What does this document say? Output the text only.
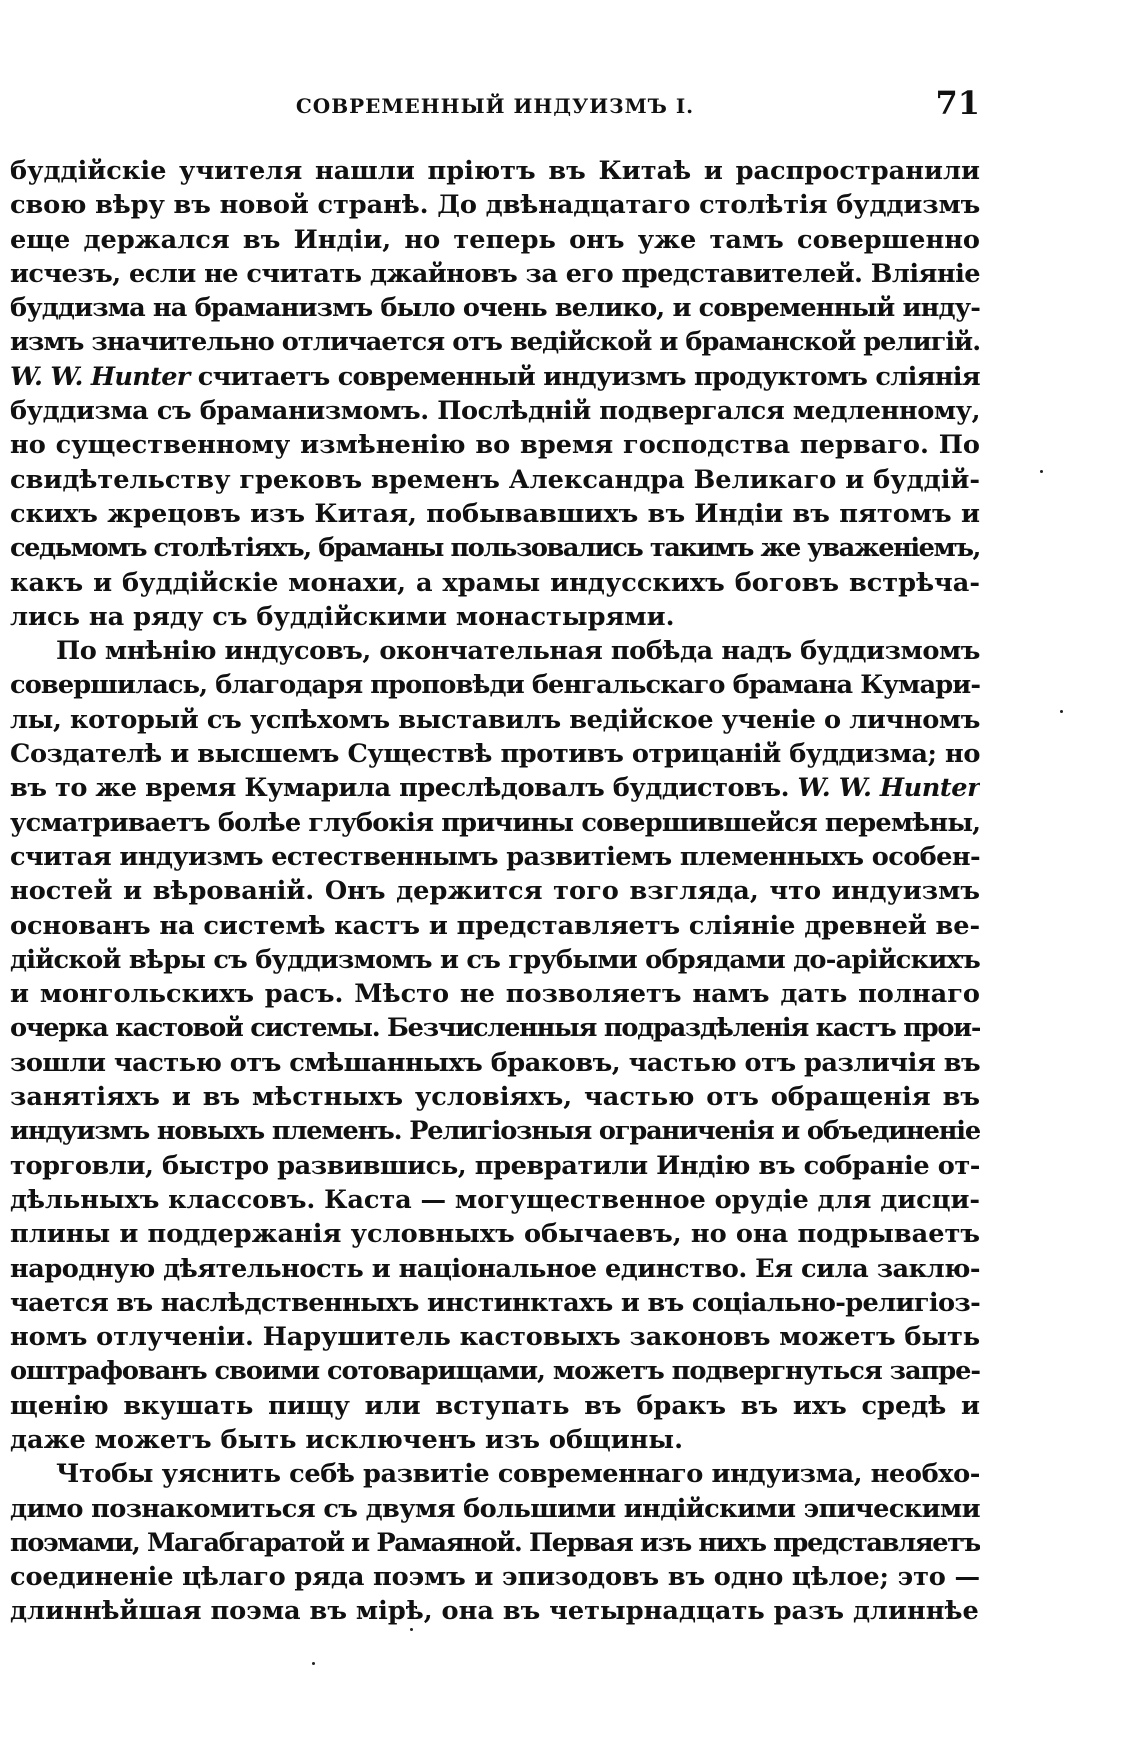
СОВРЕМЕННЫЙ ИНДУИЗМЪ I.	71
буддійскіе учителя нашли пріютъ въ Китаѣ и распространили
свою вѣру въ новой странѣ. До двѣнадцатаго столѣтія буддизмъ
еще держался въ Индіи, но теперь онъ уже тамъ совершенно
исчезъ, если не считать джайновъ за его представителей. Вліяніе
буддизма на браманизмъ было очень велико, и современный инду-
измъ значительно отличается отъ ведійской и браманской религій.
W. W. Hunter считаетъ современный индуизмъ продуктомъ сліянія
буддизма съ браманизмомъ. Послѣдній подвергался медленному,
но существенному измѣненію во время господства перваго. По
свидѣтельству грековъ временъ Александра Великаго и буддій-
скихъ жрецовъ изъ Китая, побывавшихъ въ Индіи въ пятомъ и
седьмомъ столѣтіяхъ, браманы пользовались такимъ же уваженіемъ,
какъ и буддійскіе монахи, а храмы индусскихъ боговъ встрѣча-
лись на ряду съ буддійскими монастырями.
По мнѣнію индусовъ, окончательная побѣда надъ буддизмомъ
совершилась, благодаря проповѣди бенгальскаго брамана Кумари-
лы, который съ успѣхомъ выставилъ ведійское ученіе о личномъ
Создателѣ и высшемъ Существѣ противъ отрицаній буддизма; но
въ то же время Кумарила преслѣдовалъ буддистовъ. W. W. Hunter
усматриваетъ болѣе глубокія причины совершившейся перемѣны,
считая индуизмъ естественнымъ развитіемъ племенныхъ особен-
ностей и вѣрованій. Онъ держится того взгляда, что индуизмъ
основанъ на системѣ кастъ и представляетъ сліяніе древней ве-
дійской вѣры съ буддизмомъ и съ грубыми обрядами до-арійскихъ
и монгольскихъ расъ. Мѣсто не позволяетъ намъ дать полнаго
очерка кастовой системы. Безчисленныя подраздѣленія кастъ прои-
зошли частью отъ смѣшанныхъ браковъ, частью отъ различія въ
занятіяхъ и въ мѣстныхъ условіяхъ, частью отъ обращенія въ
индуизмъ новыхъ племенъ. Религіозныя ограниченія и объединеніе
торговли, быстро развившись, превратили Индію въ собраніе от-
дѣльныхъ классовъ. Каста — могущественное орудіе для дисци-
плины и поддержанія условныхъ обычаевъ, но она подрываетъ
народную дѣятельность и національное единство. Ея сила заклю-
чается въ наслѣдственныхъ инстинктахъ и въ соціально-религіоз-
номъ отлученіи. Нарушитель кастовыхъ законовъ можетъ быть
оштрафованъ своими сотоварищами, можетъ подвергнуться запре-
щенію вкушать пищу или вступать въ бракъ въ ихъ средѣ и
даже можетъ быть исключенъ изъ общины.
Чтобы уяснить себѣ развитіе современнаго индуизма, необхо-
димо познакомиться съ двумя большими индійскими эпическими
поэмами, Магабгаратой и Рамаяной. Первая изъ нихъ представляетъ
соединеніе цѣлаго ряда поэмъ и эпизодовъ въ одно цѣлое; это —
длиннѣйшая поэма въ мірѣ, она въ четырнадцать разъ длиннѣе
